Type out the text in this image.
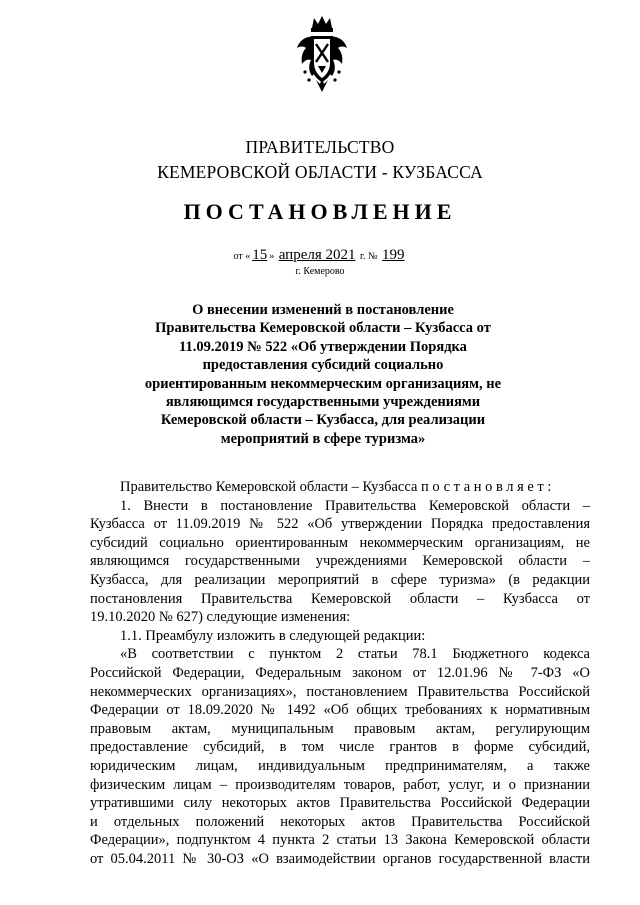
ПРАВИТЕЛЬСТВО
КЕМЕРОВСКОЙ ОБЛАСТИ - КУЗБАССА
ПОСТАНОВЛЕНИЕ
от « 15 » апреля 2021 г. № 199
г. Кемерово
О внесении изменений в постановление
Правительства Кемеровской области – Кузбасса от
11.09.2019 № 522 «Об утверждении Порядка
предоставления субсидий социально
ориентированным некоммерческим организациям, не
являющимся государственными учреждениями
Кемеровской области – Кузбасса, для реализации
мероприятий в сфере туризма»
Правительство Кемеровской области – Кузбасса постановляет:
1. Внести в постановление Правительства Кемеровской области –
Кузбасса от 11.09.2019 № 522 «Об утверждении Порядка предоставления
субсидий социально ориентированным некоммерческим организациям, не
являющимся государственными учреждениями Кемеровской области –
Кузбасса, для реализации мероприятий в сфере туризма» (в редакции
постановления Правительства Кемеровской области – Кузбасса от
19.10.2020 № 627) следующие изменения:
1.1. Преамбулу изложить в следующей редакции:
«В соответствии с пунктом 2 статьи 78.1 Бюджетного кодекса
Российской Федерации, Федеральным законом от 12.01.96 № 7-ФЗ «О
некоммерческих организациях», постановлением Правительства Российской
Федерации от 18.09.2020 № 1492 «Об общих требованиях к нормативным
правовым актам, муниципальным правовым актам, регулирующим
предоставление субсидий, в том числе грантов в форме субсидий,
юридическим лицам, индивидуальным предпринимателям, а также
физическим лицам – производителям товаров, работ, услуг, и о признании
утратившими силу некоторых актов Правительства Российской Федерации
и отдельных положений некоторых актов Правительства Российской
Федерации», подпунктом 4 пункта 2 статьи 13 Закона Кемеровской области
от 05.04.2011 № 30-ОЗ «О взаимодействии органов государственной власти
